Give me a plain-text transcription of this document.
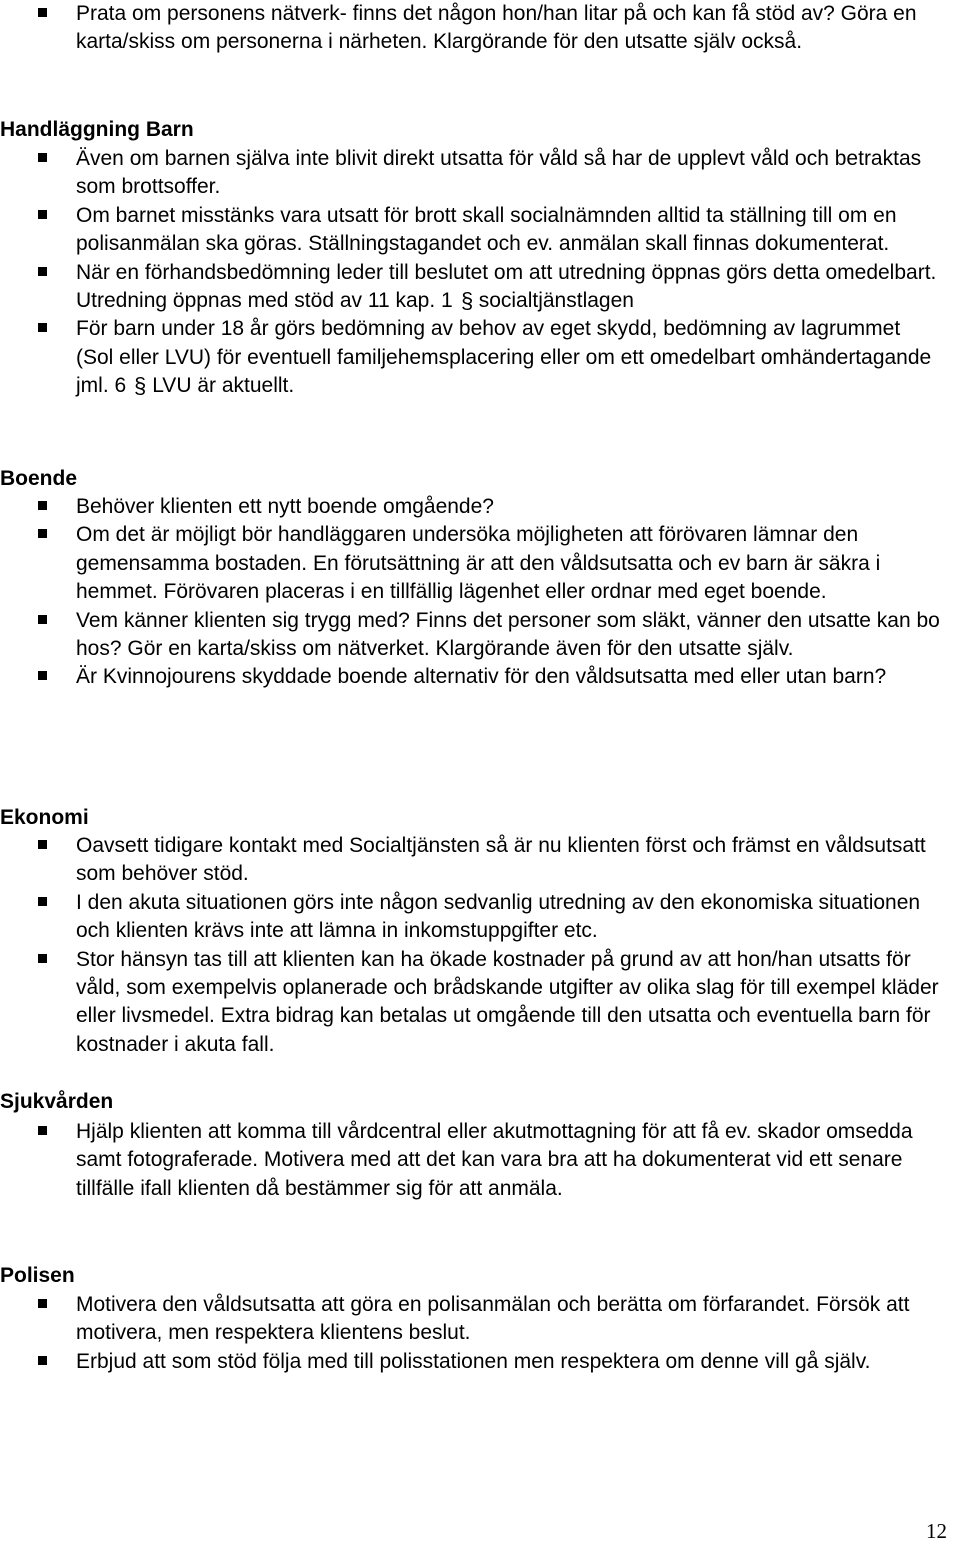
Prata om personens nätverk- finns det någon hon/han litar på och kan få stöd av? Göra en karta/skiss om personerna i närheten. Klargörande för den utsatte själv också.
Handläggning Barn
Även om barnen själva inte blivit direkt utsatta för våld så har de upplevt våld och betraktas som brottsoffer.
Om barnet misstänks vara utsatt för brott skall socialnämnden alltid ta ställning till om en polisanmälan ska göras. Ställningstagandet och ev. anmälan skall finnas dokumenterat.
När en förhandsbedömning leder till beslutet om att utredning öppnas görs detta omedelbart. Utredning öppnas med stöd av 11 kap. 1 § socialtjänstlagen
För barn under 18 år görs bedömning av behov av eget skydd, bedömning av lagrummet (Sol eller LVU) för eventuell familjehemsplacering eller om ett omedelbart omhändertagande jml. 6 § LVU är aktuellt.
Boende
Behöver klienten ett nytt boende omgående?
Om det är möjligt bör handläggaren undersöka möjligheten att förövaren lämnar den gemensamma bostaden. En förutsättning är att den våldsutsatta och ev barn är säkra i hemmet. Förövaren placeras i en tillfällig lägenhet eller ordnar med eget boende.
Vem känner klienten sig trygg med? Finns det personer som släkt, vänner den utsatte kan bo hos? Gör en karta/skiss om nätverket. Klargörande även för den utsatte själv.
Är Kvinnojourens skyddade boende alternativ för den våldsutsatta med eller utan barn?
Ekonomi
Oavsett tidigare kontakt med Socialtjänsten så är nu klienten först och främst en våldsutsatt som behöver stöd.
I den akuta situationen görs inte någon sedvanlig utredning av den ekonomiska situationen och klienten krävs inte att lämna in inkomstuppgifter etc.
Stor hänsyn tas till att klienten kan ha ökade kostnader på grund av att hon/han utsatts för våld, som exempelvis oplanerade och brådskande utgifter av olika slag för till exempel kläder eller livsmedel. Extra bidrag kan betalas ut omgående till den utsatta och eventuella barn för kostnader i akuta fall.
Sjukvården
Hjälp klienten att komma till vårdcentral eller akutmottagning för att få ev. skador omsedda samt fotograferade. Motivera med att det kan vara bra att ha dokumenterat vid ett senare tillfälle ifall klienten då bestämmer sig för att anmäla.
Polisen
Motivera den våldsutsatta att göra en polisanmälan och berätta om förfarandet. Försök att motivera, men respektera klientens beslut.
Erbjud att som stöd följa med till polisstationen men respektera om denne vill gå själv.
12
